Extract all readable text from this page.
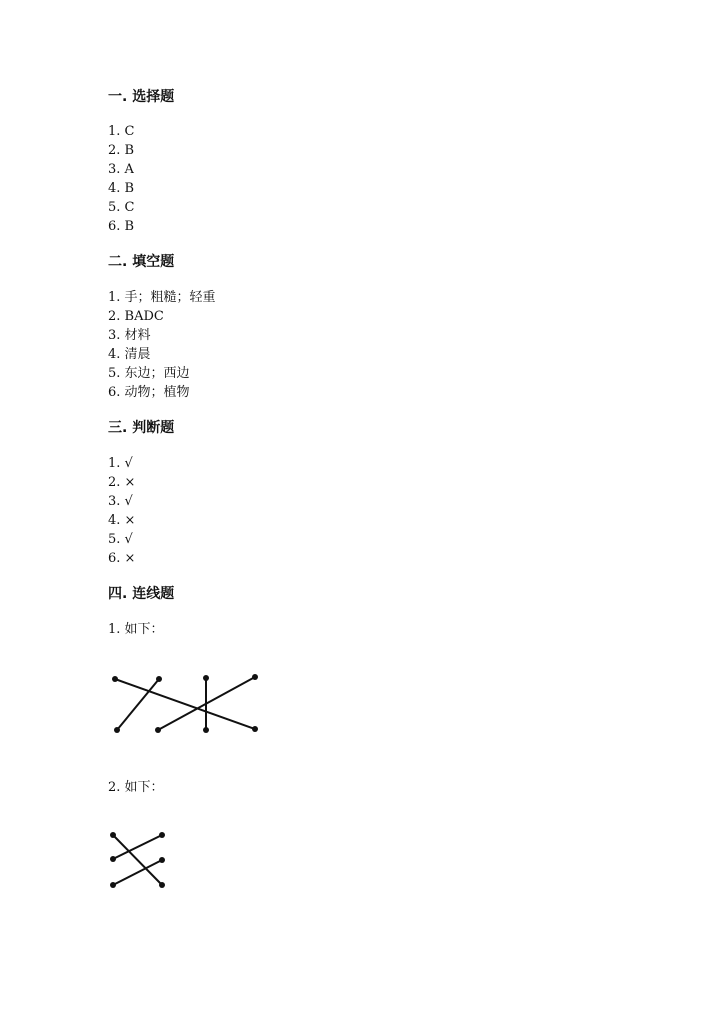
一. 选择题
1. C
2. B
3. A
4. B
5. C
6. B
二. 填空题
1. 手；粗糙；轻重
2. BADC
3. 材料
4. 清晨
5. 东边；西边
6. 动物；植物
三. 判断题
1. √
2. ×
3. √
4. ×
5. √
6. ×
四. 连线题
1. 如下：
2. 如下：
